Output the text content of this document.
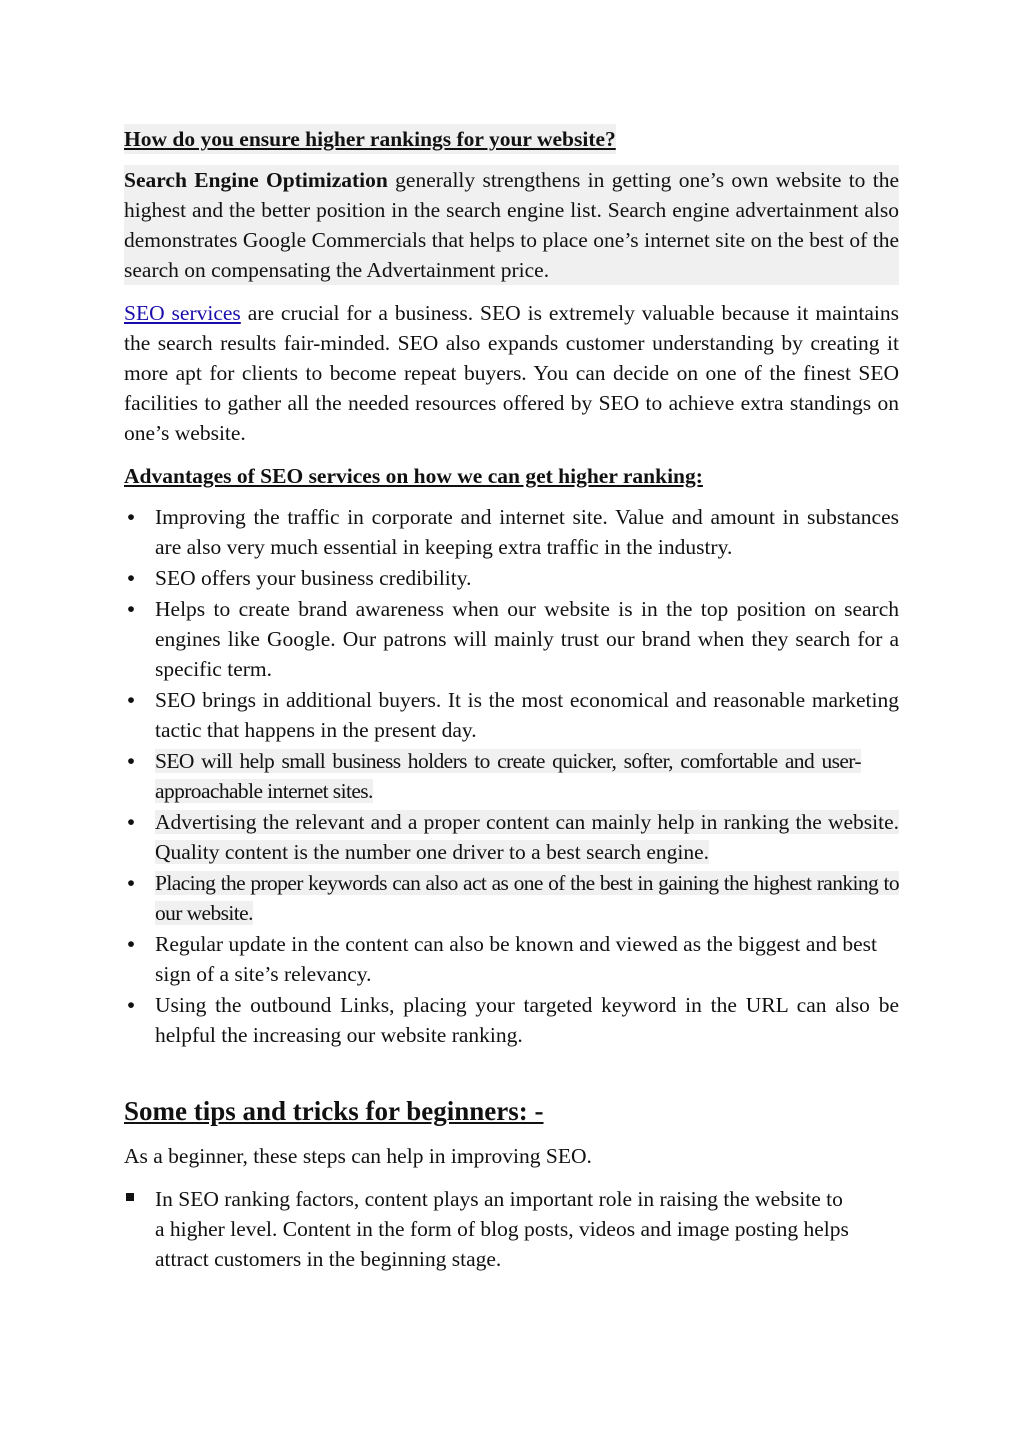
How do you ensure higher rankings for your website?

Search Engine Optimization generally strengthens in getting one’s own website to the highest and the better position in the search engine list. Search engine advertainment also demonstrates Google Commercials that helps to place one’s internet site on the best of the search on compensating the Advertainment price.

SEO services are crucial for a business. SEO is extremely valuable because it maintains the search results fair-minded. SEO also expands customer understanding by creating it more apt for clients to become repeat buyers. You can decide on one of the finest SEO facilities to gather all the needed resources offered by SEO to achieve extra standings on one’s website.

Advantages of SEO services on how we can get higher ranking:
• Improving the traffic in corporate and internet site. Value and amount in substances are also very much essential in keeping extra traffic in the industry.
• SEO offers your business credibility.
• Helps to create brand awareness when our website is in the top position on search engines like Google. Our patrons will mainly trust our brand when they search for a specific term.
• SEO brings in additional buyers. It is the most economical and reasonable marketing tactic that happens in the present day.
• SEO will help small business holders to create quicker, softer, comfortable and user-approachable internet sites.
• Advertising the relevant and a proper content can mainly help in ranking the website. Quality content is the number one driver to a best search engine.
• Placing the proper keywords can also act as one of the best in gaining the highest ranking to our website.
• Regular update in the content can also be known and viewed as the biggest and best sign of a site’s relevancy.
• Using the outbound Links, placing your targeted keyword in the URL can also be helpful the increasing our website ranking.
Some tips and tricks for beginners: -

As a beginner, these steps can help in improving SEO.

In SEO ranking factors, content plays an important role in raising the website to a higher level. Content in the form of blog posts, videos and image posting helps attract customers in the beginning stage.
